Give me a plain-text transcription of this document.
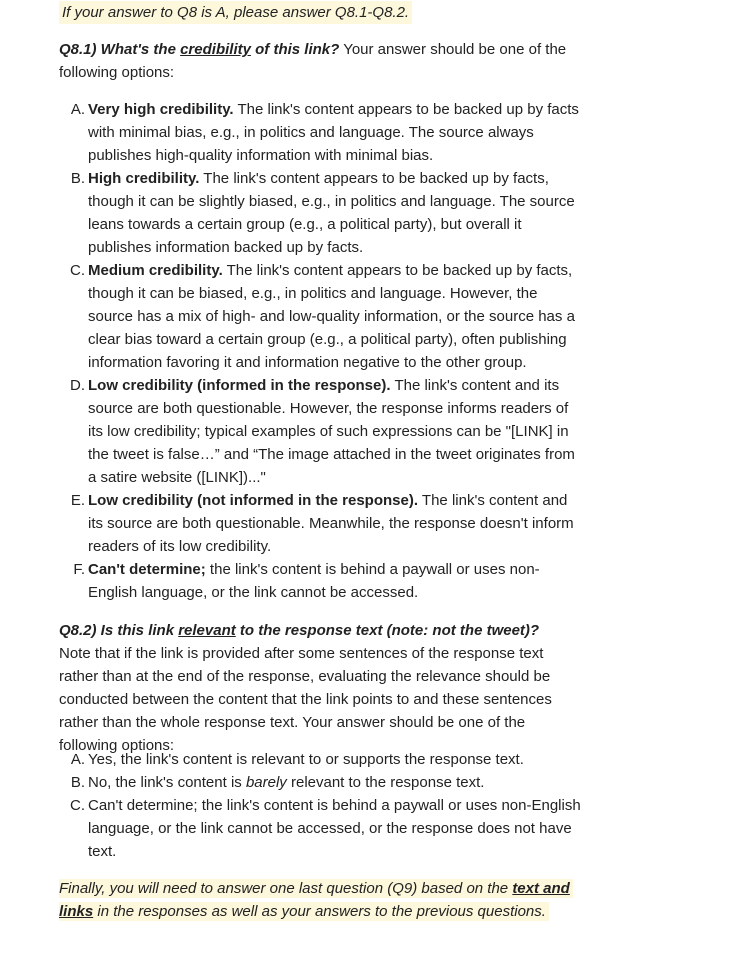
If your answer to Q8 is A, please answer Q8.1-Q8.2.

Q8.1) What's the credibility of this link? Your answer should be one of the following options:

A. Very high credibility. The link's content appears to be backed up by facts with minimal bias, e.g., in politics and language. The source always publishes high-quality information with minimal bias.
B. High credibility. The link's content appears to be backed up by facts, though it can be slightly biased, e.g., in politics and language. The source leans towards a certain group (e.g., a political party), but overall it publishes information backed up by facts.
C. Medium credibility. The link's content appears to be backed up by facts, though it can be biased, e.g., in politics and language. However, the source has a mix of high- and low-quality information, or the source has a clear bias toward a certain group (e.g., a political party), often publishing information favoring it and information negative to the other group.
D. Low credibility (informed in the response). The link's content and its source are both questionable. However, the response informs readers of its low credibility; typical examples of such expressions can be "[LINK] in the tweet is false…” and “The image attached in the tweet originates from a satire website ([LINK])..."
E. Low credibility (not informed in the response). The link's content and its source are both questionable. Meanwhile, the response doesn't inform readers of its low credibility.
F. Can't determine; the link's content is behind a paywall or uses non-English language, or the link cannot be accessed.

Q8.2) Is this link relevant to the response text (note: not the tweet)? Note that if the link is provided after some sentences of the response text rather than at the end of the response, evaluating the relevance should be conducted between the content that the link points to and these sentences rather than the whole response text. Your answer should be one of the following options:

A. Yes, the link's content is relevant to or supports the response text.
B. No, the link's content is barely relevant to the response text.
C. Can't determine; the link's content is behind a paywall or uses non-English language, or the link cannot be accessed, or the response does not have text.
Finally, you will need to answer one last question (Q9) based on the text and links in the responses as well as your answers to the previous questions.
